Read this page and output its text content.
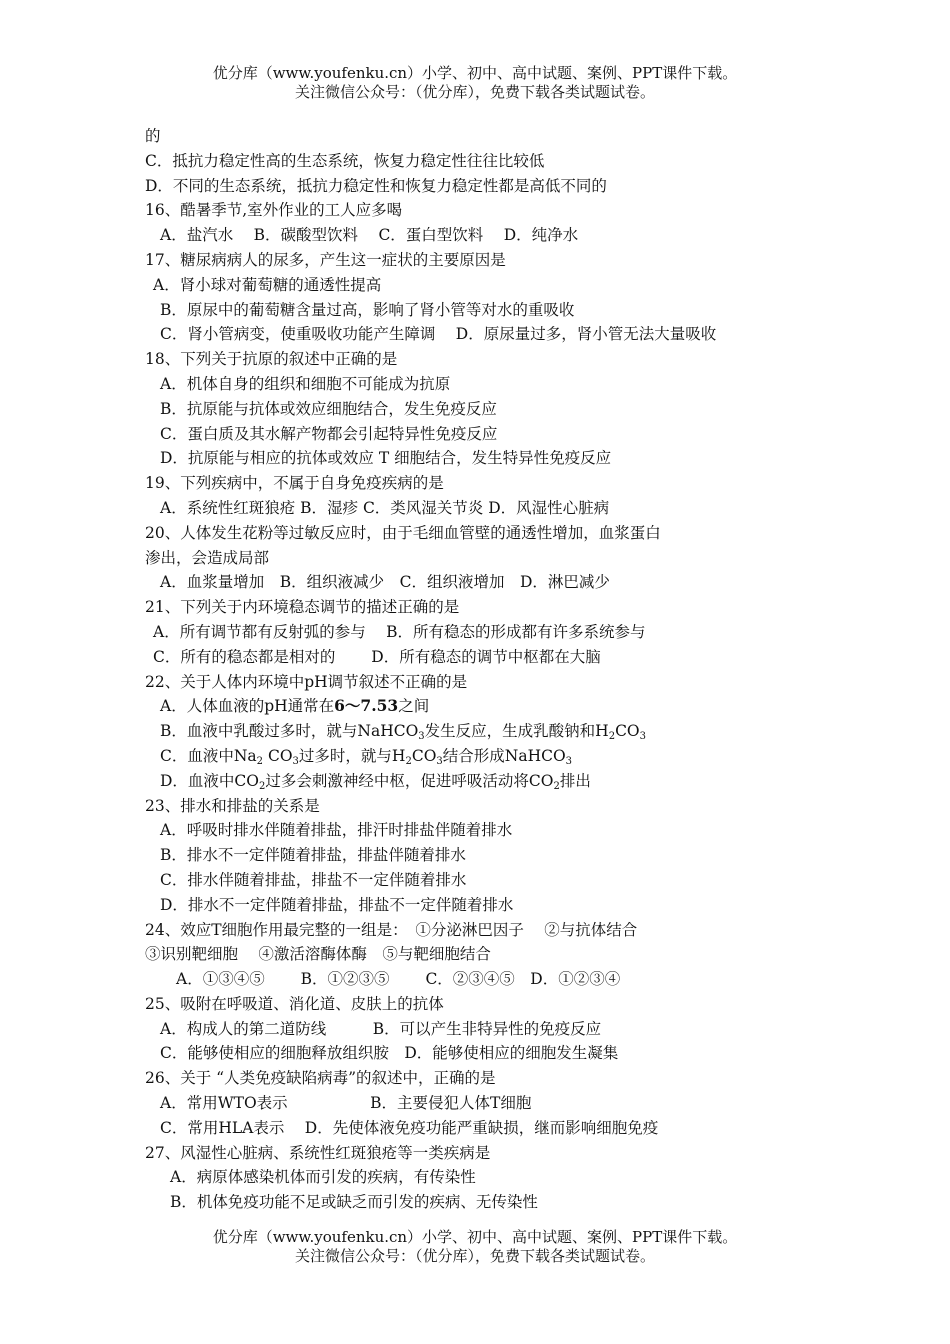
优分库（www.youfenku.cn）小学、初中、高中试题、案例、PPT课件下载。
关注微信公众号：（优分库），免费下载各类试题试卷。
的
C．抵抗力稳定性高的生态系统，恢复力稳定性往往比较低
D．不同的生态系统，抵抗力稳定性和恢复力稳定性都是高低不同的
16、酷暑季节,室外作业的工人应多喝
A．盐汽水　 B．碳酸型饮料　 C．蛋白型饮料　 D．纯净水
17、糖尿病病人的尿多，产生这一症状的主要原因是
A．肾小球对葡萄糖的通透性提高
B．原尿中的葡萄糖含量过高，影响了肾小管等对水的重吸收
C．肾小管病变，使重吸收功能产生障调　 D．原尿量过多，肾小管无法大量吸收
18、下列关于抗原的叙述中正确的是
A．机体自身的组织和细胞不可能成为抗原
B．抗原能与抗体或效应细胞结合，发生免疫反应
C．蛋白质及其水解产物都会引起特异性免疫反应
D．抗原能与相应的抗体或效应 T 细胞结合，发生特异性免疫反应
19、下列疾病中，不属于自身免疫疾病的是
A．系统性红斑狼疮 B．湿疹 C．类风湿关节炎 D．风湿性心脏病
20、人体发生花粉等过敏反应时，由于毛细血管壁的通透性增加，血浆蛋白
渗出，会造成局部
A．血浆量增加　B．组织液减少　C．组织液增加　D．淋巴减少
21、下列关于内环境稳态调节的描述正确的是
A．所有调节都有反射弧的参与　 B．所有稳态的形成都有许多系统参与
C．所有的稳态都是相对的　　 D．所有稳态的调节中枢都在大脑
22、关于人体内环境中pH调节叙述不正确的是
A．人体血液的pH通常在6～7.53之间
B．血液中乳酸过多时，就与NaHCO$_3$发生反应，生成乳酸钠和$H_2CO_3$
C．血液中$Na_2$ $CO_3$过多时，就与$H_2CO_3$结合形成NaHCO$_3$
D．血液中$CO_2$过多会刺激神经中枢，促进呼吸活动将$CO_2$排出
23、排水和排盐的关系是
A．呼吸时排水伴随着排盐，排汗时排盐伴随着排水
B．排水不一定伴随着排盐，排盐伴随着排水
C．排水伴随着排盐，排盐不一定伴随着排水
D．排水不一定伴随着排盐，排盐不一定伴随着排水
24、效应T细胞作用最完整的一组是：　①分泌淋巴因子　 ②与抗体结合
③识别靶细胞　 ④激活溶酶体酶　⑤与靶细胞结合
A．①③④⑤　　 B．①②③⑤　　 C．②③④⑤　D．①②③④
25、吸附在呼吸道、消化道、皮肤上的抗体
A．构成人的第二道防线　　　B．可以产生非特异性的免疫反应
C．能够使相应的细胞释放组织胺　D．能够使相应的细胞发生凝集
26、关于 “人类免疫缺陷病毒”的叙述中，正确的是
A．常用WTO表示　　　　　 B．主要侵犯人体T细胞
C．常用HLA表示　 D．先使体液免疫功能严重缺损，继而影响细胞免疫
27、风湿性心脏病、系统性红斑狼疮等一类疾病是
A．病原体感染机体而引发的疾病，有传染性
B．机体免疫功能不足或缺乏而引发的疾病、无传染性
优分库（www.youfenku.cn）小学、初中、高中试题、案例、PPT课件下载。
关注微信公众号：（优分库），免费下载各类试题试卷。
